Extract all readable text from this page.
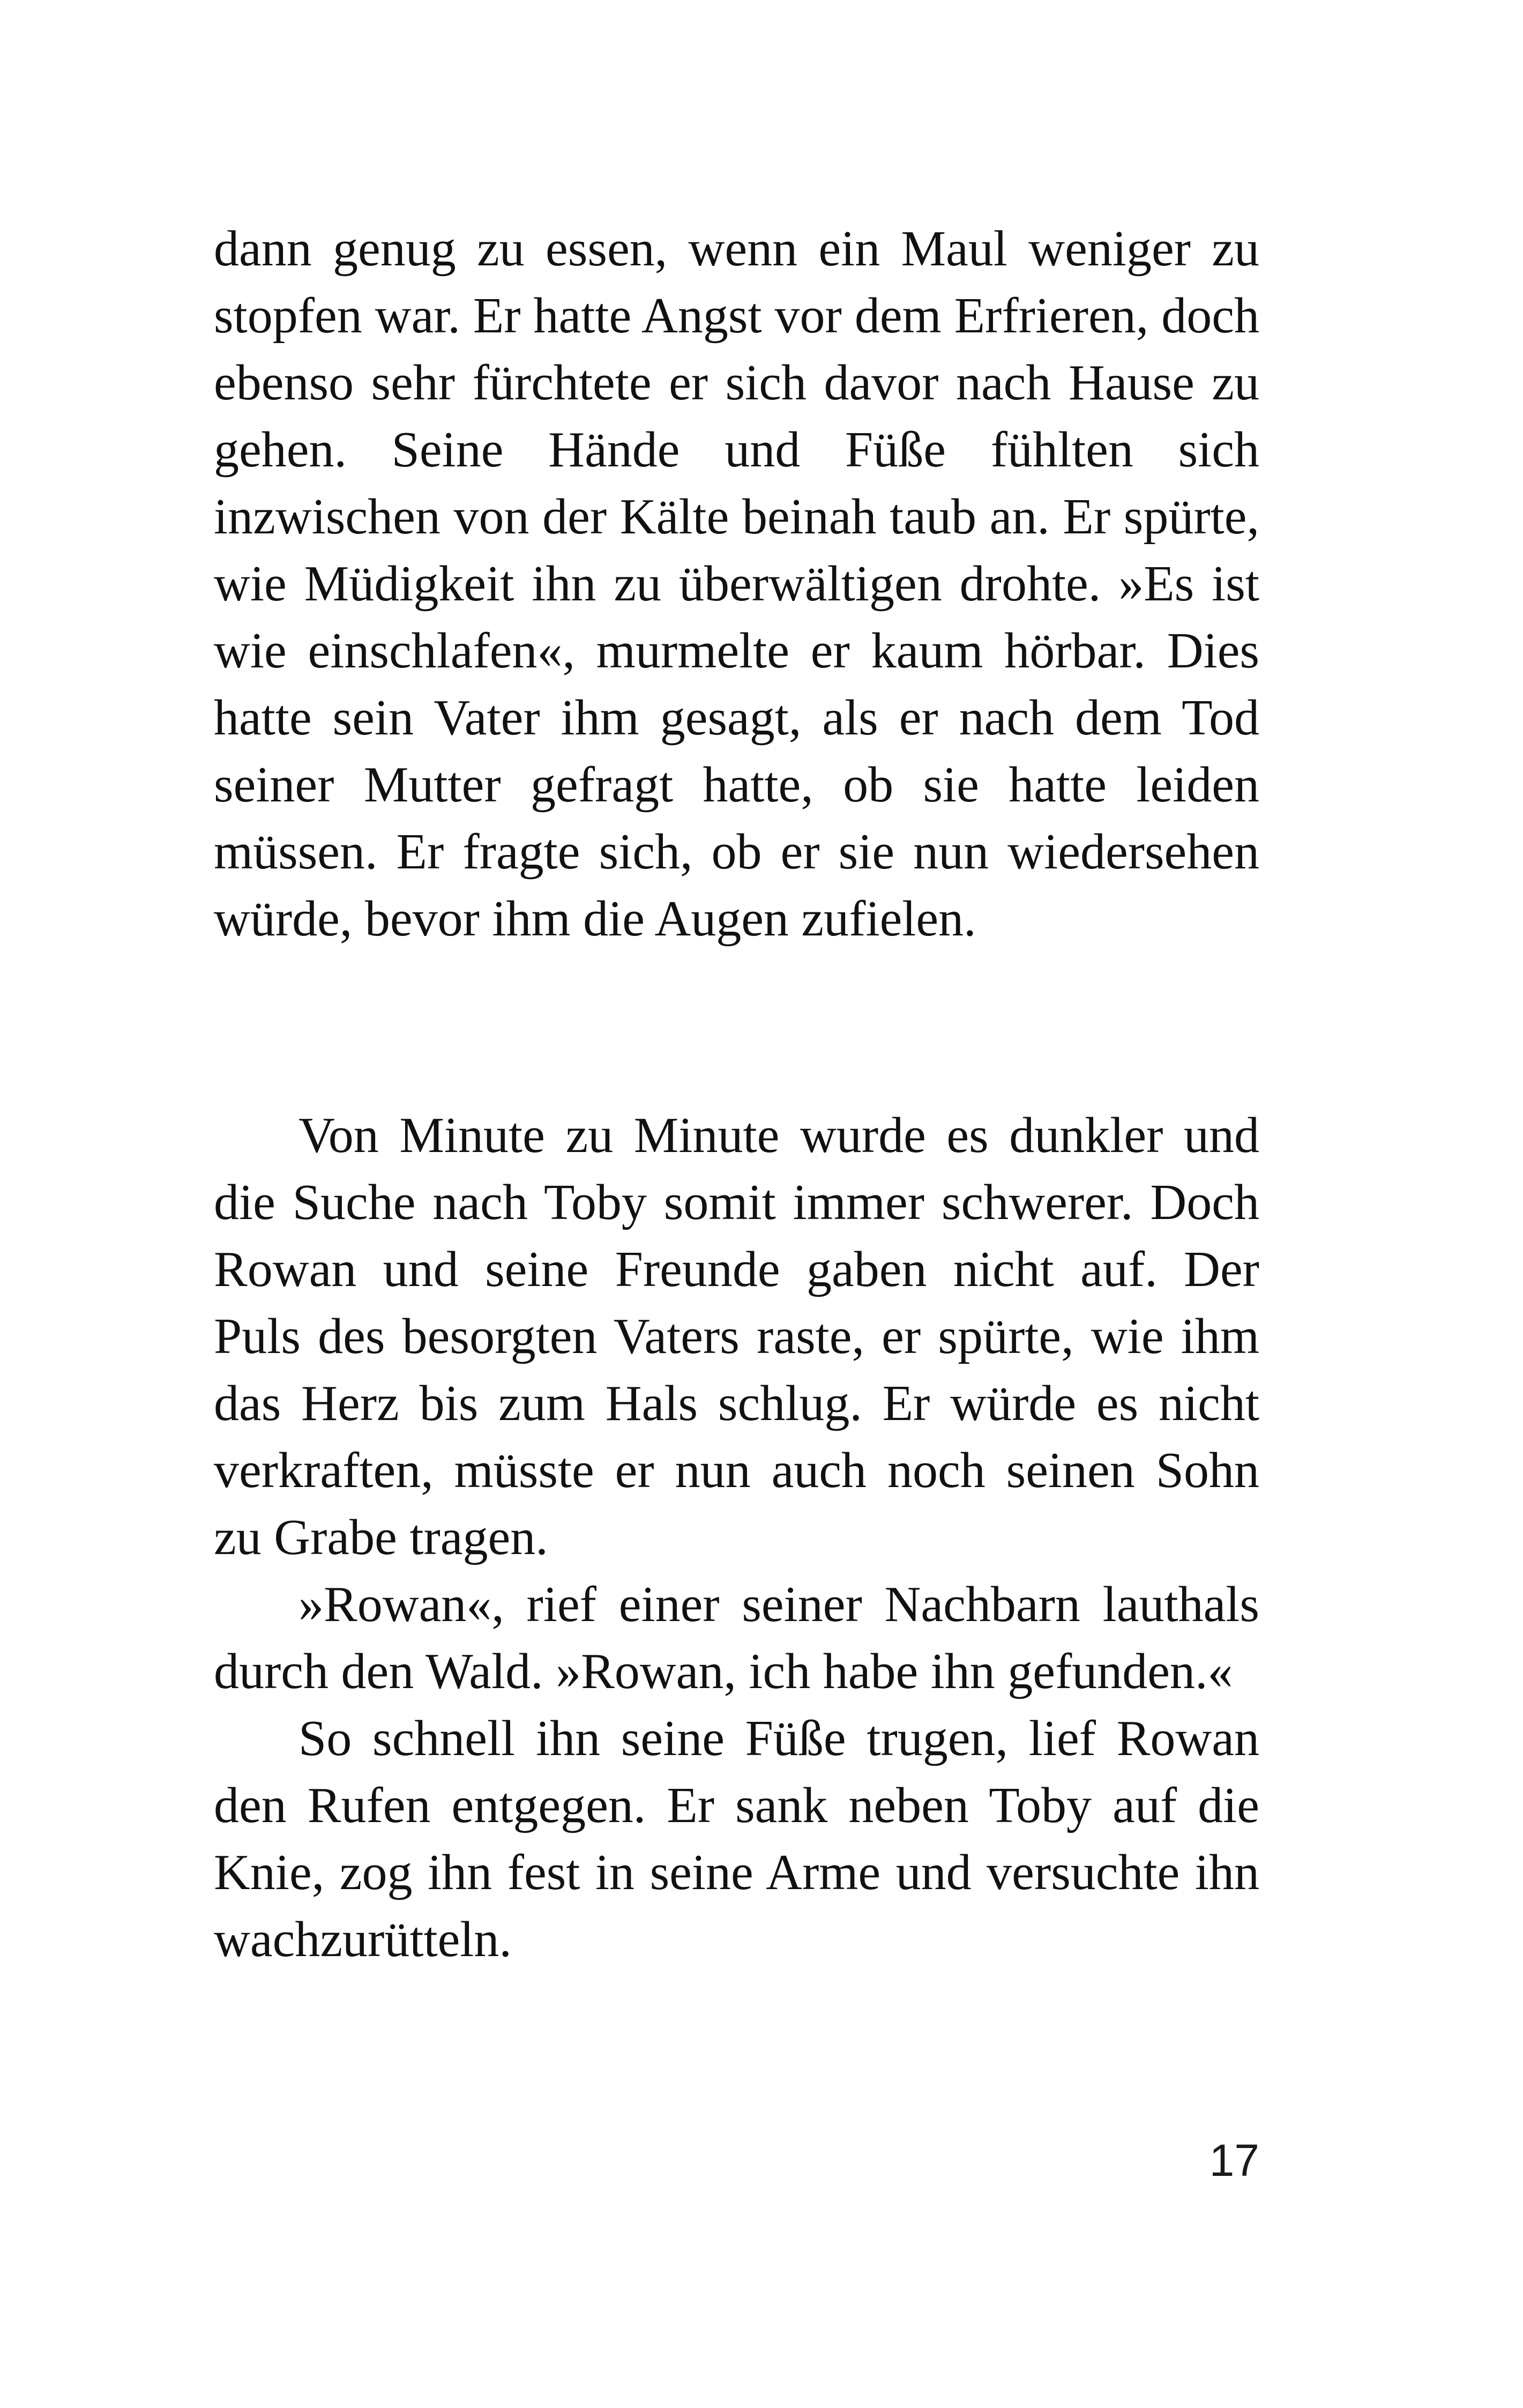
dann genug zu essen, wenn ein Maul weniger zu stopfen war. Er hatte Angst vor dem Erfrieren, doch ebenso sehr fürchtete er sich davor nach Hause zu gehen. Seine Hände und Füße fühlten sich inzwischen von der Kälte beinah taub an. Er spürte, wie Müdigkeit ihn zu überwältigen drohte. »Es ist wie einschlafen«, murmelte er kaum hörbar. Dies hatte sein Vater ihm gesagt, als er nach dem Tod seiner Mutter gefragt hatte, ob sie hatte leiden müssen. Er fragte sich, ob er sie nun wiedersehen würde, bevor ihm die Augen zufielen.

Von Minute zu Minute wurde es dunkler und die Suche nach Toby somit immer schwerer. Doch Rowan und seine Freunde gaben nicht auf. Der Puls des besorgten Vaters raste, er spürte, wie ihm das Herz bis zum Hals schlug. Er würde es nicht verkraften, müsste er nun auch noch seinen Sohn zu Grabe tragen.

»Rowan«, rief einer seiner Nachbarn lauthals durch den Wald. »Rowan, ich habe ihn gefunden.«

So schnell ihn seine Füße trugen, lief Rowan den Rufen entgegen. Er sank neben Toby auf die Knie, zog ihn fest in seine Arme und versuchte ihn wachzurütteln.

17
